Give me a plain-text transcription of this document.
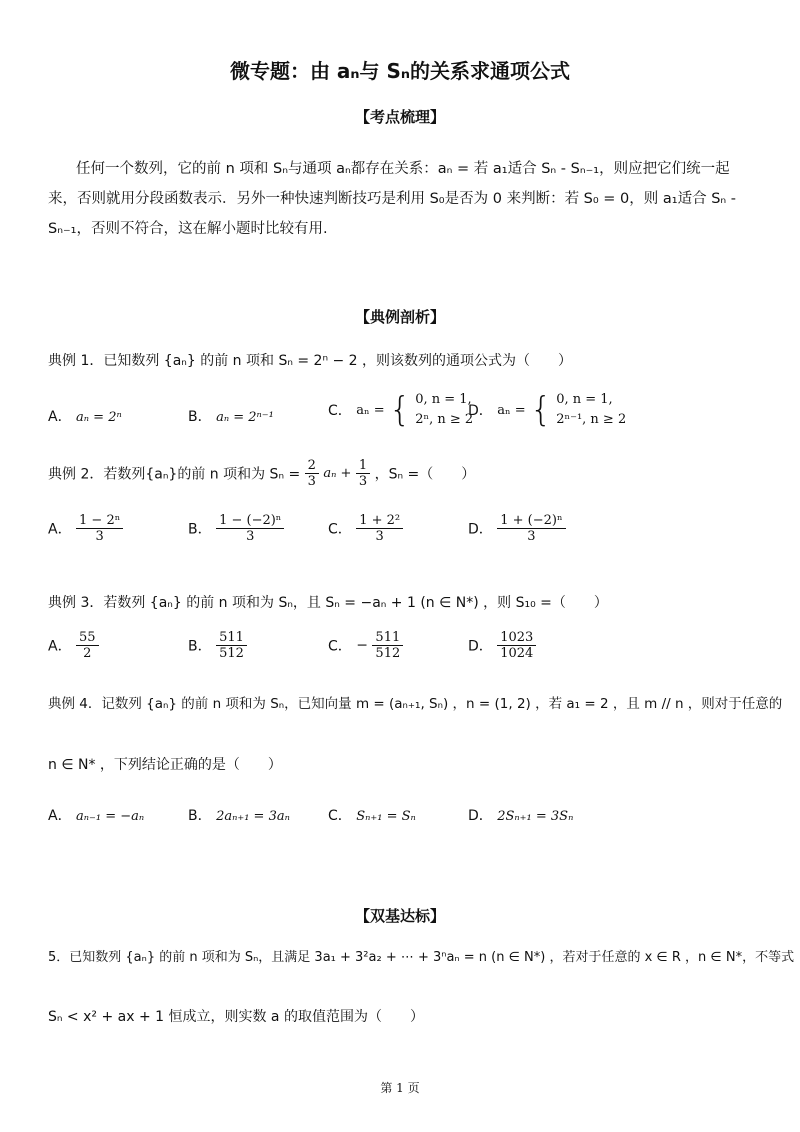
微专题：由 aₙ与 Sₙ的关系求通项公式
【考点梳理】
任何一个数列，它的前 n 项和 Sₙ与通项 aₙ都存在关系：aₙ = 若 a₁适合 Sₙ - Sₙ₋₁，则应把它们统一起来，否则就用分段函数表示．另外一种快速判断技巧是利用 S₀是否为 0 来判断：若 S₀ = 0，则 a₁适合 Sₙ - Sₙ₋₁，否则不符合，这在解小题时比较有用.
【典例剖析】
典例 1．已知数列 {aₙ} 的前 n 项和 Sₙ = 2ⁿ − 2 ，则该数列的通项公式为（　　）
A． aₙ = 2ⁿ	B． aₙ = 2ⁿ⁻¹	C． aₙ = { 0, n = 1,
2ⁿ, n ≥ 2
D． aₙ = { 0, n = 1,
2ⁿ⁻¹, n ≥ 2
典例 2．若数列{aₙ}的前 n 项和为 $S_n = \frac{2}{3}$ $a_n + \frac{1}{3}$ ，Sₙ =（　　）
A． $\frac{\text{1 − 2ⁿ}}{3}$	B． $\frac{\text{1 − (−2)ⁿ}}{3}$	C． $\frac{\text{1 + 2²}}{3}$	D． $\frac{\text{1 + (−2)ⁿ}}{3}$
典例 3．若数列 {aₙ} 的前 n 项和为 Sₙ，且 Sₙ = −aₙ + 1 (n ∈ N*) ，则 S₁₀ =（　　）
A． $\frac{55}{2}$	B． $\frac{511}{512}$	C． − $\frac{511}{512}$	D． $\frac{1023}{1024}$
典例 4．记数列 {aₙ} 的前 n 项和为 Sₙ，已知向量 m = (aₙ₊₁, Sₙ) ，n = (1, 2) ，若 a₁ = 2 ，且 m // n ，则对于任意的
n ∈ N* ，下列结论正确的是（　　）
A． aₙ₋₁ = −aₙ	B． 2aₙ₊₁ = 3aₙ	C． Sₙ₊₁ = Sₙ	D． 2Sₙ₊₁ = 3Sₙ
【双基达标】
5．已知数列 {aₙ} 的前 n 项和为 Sₙ，且满足 3a₁ + 3²a₂ + ⋯ + 3ⁿaₙ = n (n ∈ N*) ，若对于任意的 x ∈ R ，n ∈ N*，不等式
Sₙ < x² + ax + 1 恒成立，则实数 a 的取值范围为（　　）
第 1 页
